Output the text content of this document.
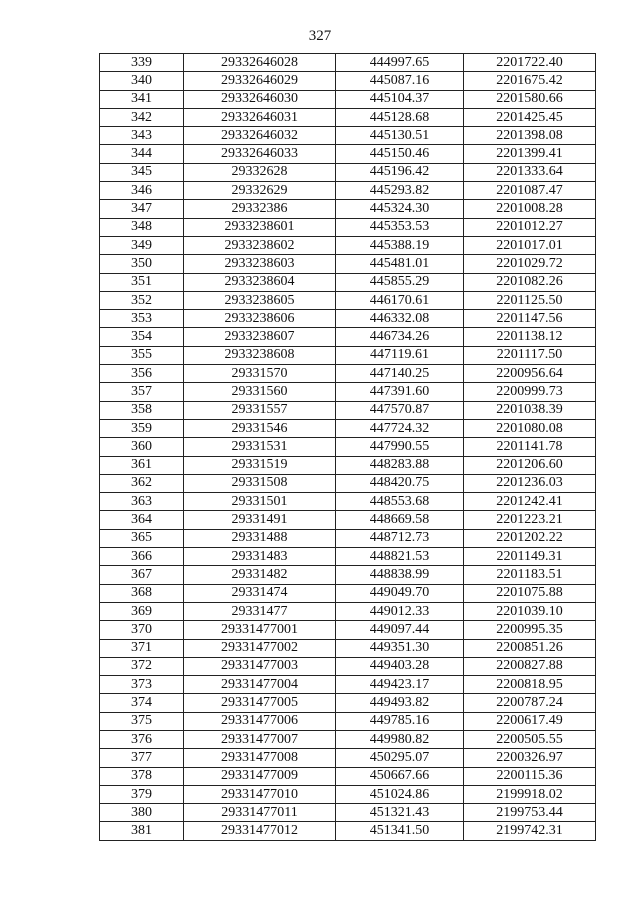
327
339	29332646028	444997.65	2201722.40
340	29332646029	445087.16	2201675.42
341	29332646030	445104.37	2201580.66
342	29332646031	445128.68	2201425.45
343	29332646032	445130.51	2201398.08
344	29332646033	445150.46	2201399.41
345	29332628	445196.42	2201333.64
346	29332629	445293.82	2201087.47
347	29332386	445324.30	2201008.28
348	2933238601	445353.53	2201012.27
349	2933238602	445388.19	2201017.01
350	2933238603	445481.01	2201029.72
351	2933238604	445855.29	2201082.26
352	2933238605	446170.61	2201125.50
353	2933238606	446332.08	2201147.56
354	2933238607	446734.26	2201138.12
355	2933238608	447119.61	2201117.50
356	29331570	447140.25	2200956.64
357	29331560	447391.60	2200999.73
358	29331557	447570.87	2201038.39
359	29331546	447724.32	2201080.08
360	29331531	447990.55	2201141.78
361	29331519	448283.88	2201206.60
362	29331508	448420.75	2201236.03
363	29331501	448553.68	2201242.41
364	29331491	448669.58	2201223.21
365	29331488	448712.73	2201202.22
366	29331483	448821.53	2201149.31
367	29331482	448838.99	2201183.51
368	29331474	449049.70	2201075.88
369	29331477	449012.33	2201039.10
370	29331477001	449097.44	2200995.35
371	29331477002	449351.30	2200851.26
372	29331477003	449403.28	2200827.88
373	29331477004	449423.17	2200818.95
374	29331477005	449493.82	2200787.24
375	29331477006	449785.16	2200617.49
376	29331477007	449980.82	2200505.55
377	29331477008	450295.07	2200326.97
378	29331477009	450667.66	2200115.36
379	29331477010	451024.86	2199918.02
380	29331477011	451321.43	2199753.44
381	29331477012	451341.50	2199742.31
